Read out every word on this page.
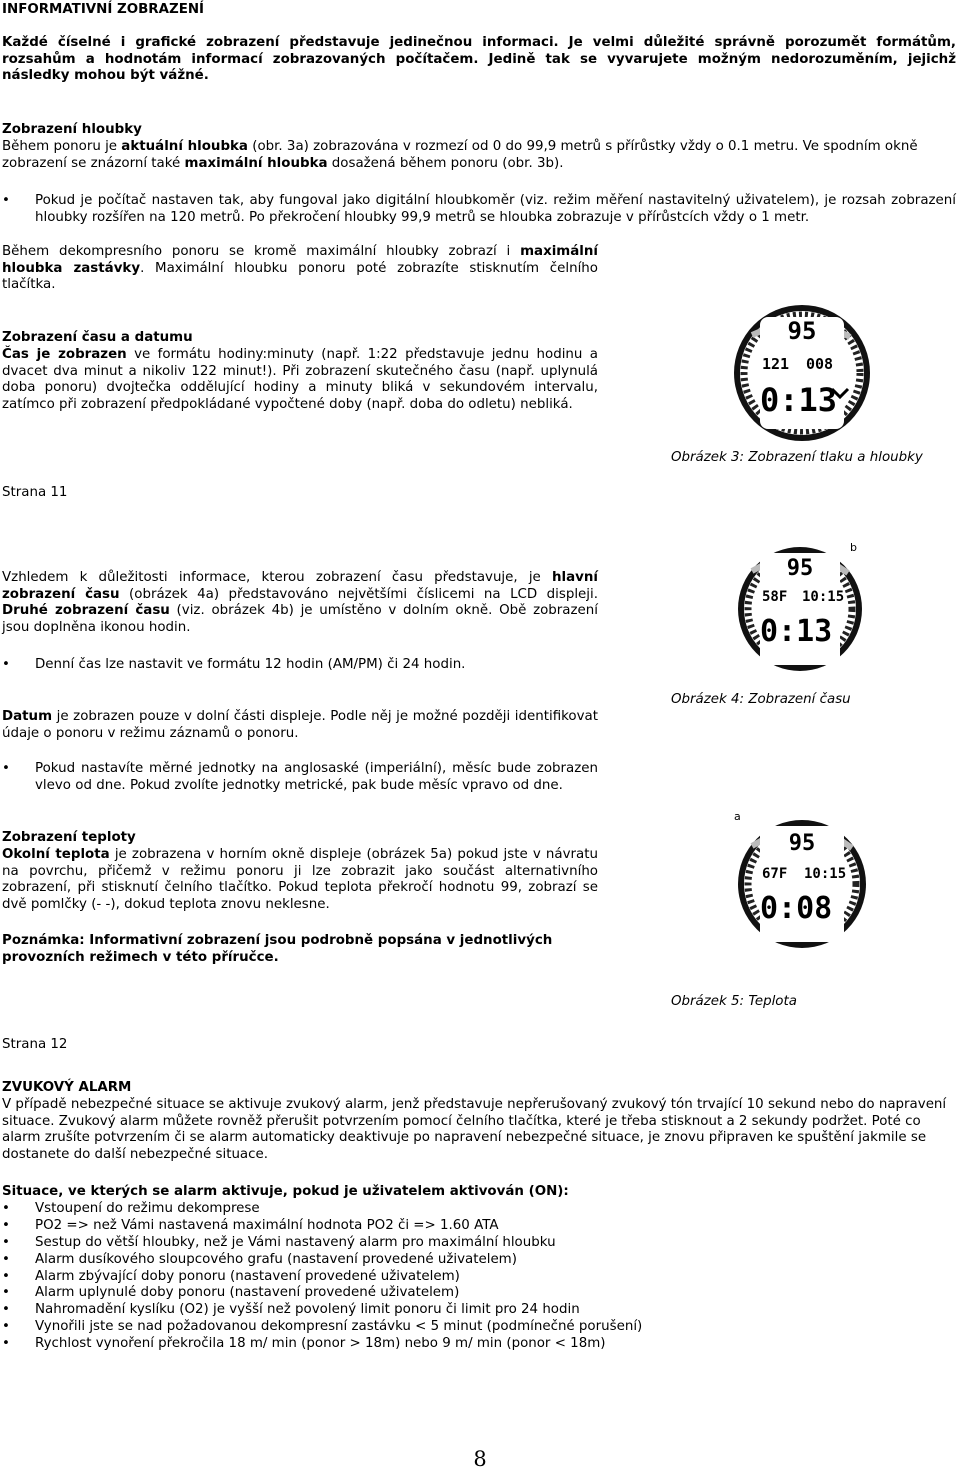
INFORMATIVNÍ ZOBRAZENÍ
Každé číselné i grafické zobrazení představuje jedinečnou informaci. Je velmi důležité správně porozumět formátům, rozsahům a hodnotám informací zobrazovaných počítačem. Jedině tak se vyvarujete možným nedorozuměním, jejichž následky mohou být vážné.
Zobrazení hloubky
Během ponoru je aktuální hloubka (obr. 3a) zobrazována v rozmezí od 0 do 99,9 metrů s přírůstky vždy o 0.1 metru. Ve spodním okně zobrazení se znázorní také maximální hloubka dosažená během ponoru (obr. 3b).
• Pokud je počítač nastaven tak, aby fungoval jako digitální hloubkoměr (viz. režim měření nastavitelný uživatelem), je rozsah zobrazení hloubky rozšířen na 120 metrů. Po překročení hloubky 99,9 metrů se hloubka zobrazuje v přírůstcích vždy o 1 metr.
Během dekompresního ponoru se kromě maximální hloubky zobrazí i maximální hloubka zastávky. Maximální hloubku ponoru poté zobrazíte stisknutím čelního tlačítka.
Zobrazení času a datumu
Čas je zobrazen ve formátu hodiny:minuty (např. 1:22 představuje jednu hodinu a dvacet dva minut a nikoliv 122 minut!). Při zobrazení skutečného času (např. uplynulá doba ponoru) dvojtečka oddělující hodiny a minuty bliká v sekundovém intervalu, zatímco při zobrazení předpokládané vypočtené doby (např. doba do odletu) nebliká.
Strana 11
Vzhledem k důležitosti informace, kterou zobrazení času představuje, je hlavní zobrazení času (obrázek 4a) představováno největšími číslicemi na LCD displeji. Druhé zobrazení času (viz. obrázek 4b) je umístěno v dolním okně. Obě zobrazení jsou doplněna ikonou hodin.
• Denní čas lze nastavit ve formátu 12 hodin (AM/PM) či 24 hodin.
Datum je zobrazen pouze v dolní části displeje. Podle něj je možné později identifikovat údaje o ponoru v režimu záznamů o ponoru.
• Pokud nastavíte měrné jednotky na anglosaské (imperiální), měsíc bude zobrazen vlevo od dne. Pokud zvolíte jednotky metrické, pak bude měsíc vpravo od dne.
Zobrazení teploty
Okolní teplota je zobrazena v horním okně displeje (obrázek 5a) pokud jste v návratu na povrchu, přičemž v režimu ponoru ji lze zobrazit jako součást alternativního zobrazení, při stisknutí čelního tlačítko. Pokud teplota překročí hodnotu 99, zobrazí se dvě pomlčky (- -), dokud teplota znovu neklesne.
Poznámka: Informativní zobrazení jsou podrobně popsána v jednotlivých provozních režimech v této příručce.
Strana 12
ZVUKOVÝ ALARM
V případě nebezpečné situace se aktivuje zvukový alarm, jenž představuje nepřerušovaný zvukový tón trvající 10 sekund nebo do napravení situace. Zvukový alarm můžete rovněž přerušit potvrzením pomocí čelního tlačítka, které je třeba stisknout a 2 sekundy podržet. Poté co alarm zrušíte potvrzením či se alarm automaticky deaktivuje po napravení nebezpečné situace, je znovu připraven ke spuštění jakmile se dostanete do další nebezpečné situace.
Situace, ve kterých se alarm aktivuje, pokud je uživatelem aktivován (ON):
• Vstoupení do režimu dekomprese
• PO2 => než Vámi nastavená maximální hodnota PO2 či => 1.60 ATA
• Sestup do větší hloubky, než je Vámi nastavený alarm pro maximální hloubku
• Alarm dusíkového sloupcového grafu (nastavení provedené uživatelem)
• Alarm zbývající doby ponoru (nastavení provedené uživatelem)
• Alarm uplynulé doby ponoru (nastavení provedené uživatelem)
• Nahromadění kyslíku (O2) je vyšší než povolený limit ponoru či limit pro 24 hodin
• Vynořili jste se nad požadovanou dekompresní zastávku < 5 minut (podmínečné porušení)
• Rychlost vynoření překročila 18 m/ min (ponor > 18m) nebo 9 m/ min (ponor < 18m)
95
121 008
0:13
Obrázek 3: Zobrazení tlaku a hloubky
b
95
58F 10:15
0:13
Obrázek 4: Zobrazení času
a
95
67F 10:15
0:08
Obrázek 5: Teplota
8
